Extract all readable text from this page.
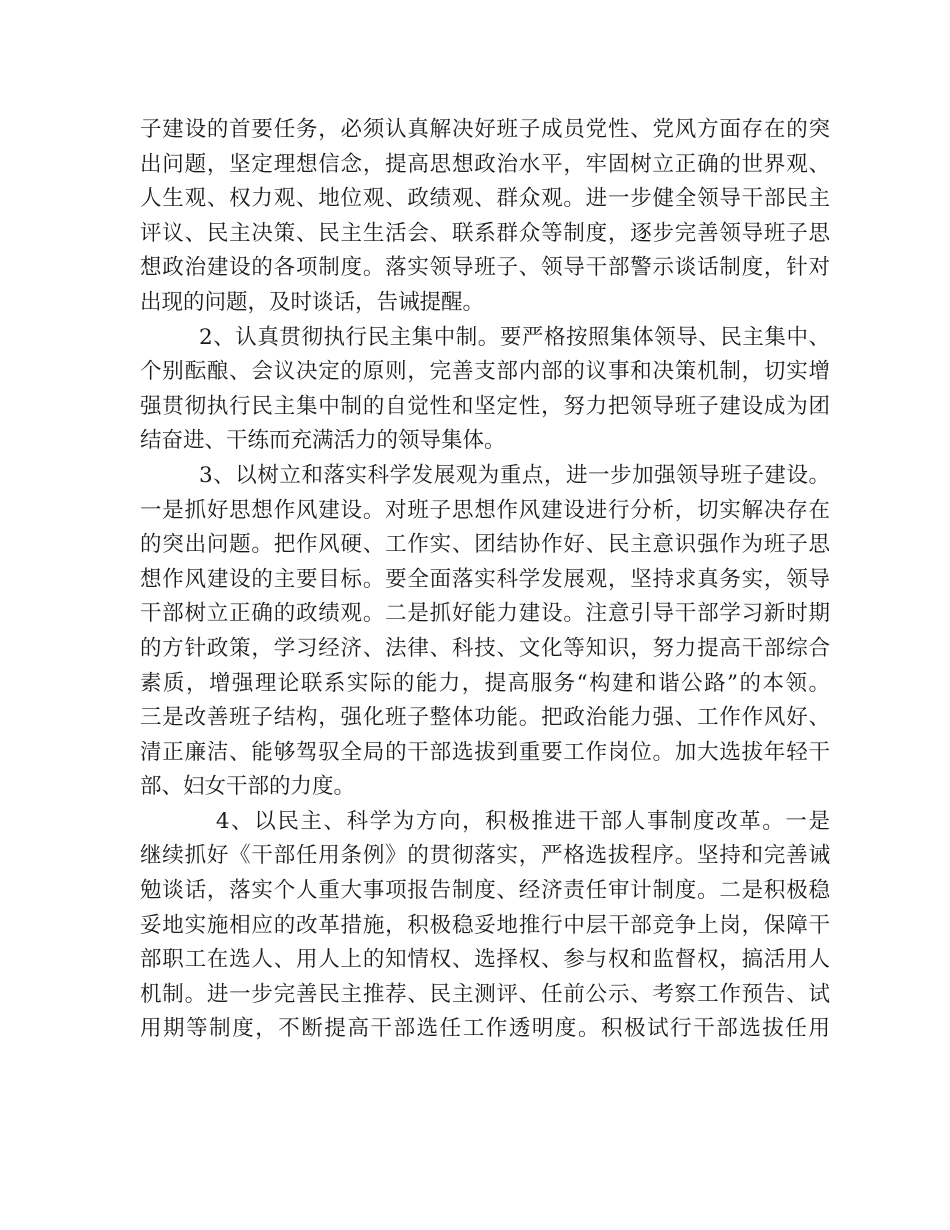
子建设的首要任务，必须认真解决好班子成员党性、党风方面存在的突
出问题，坚定理想信念，提高思想政治水平，牢固树立正确的世界观、
人生观、权力观、地位观、政绩观、群众观。进一步健全领导干部民主
评议、民主决策、民主生活会、联系群众等制度，逐步完善领导班子思
想政治建设的各项制度。落实领导班子、领导干部警示谈话制度，针对
出现的问题，及时谈话，告诫提醒。
2、认真贯彻执行民主集中制。要严格按照集体领导、民主集中、
个别酝酿、会议决定的原则，完善支部内部的议事和决策机制，切实增
强贯彻执行民主集中制的自觉性和坚定性，努力把领导班子建设成为团
结奋进、干练而充满活力的领导集体。
3、以树立和落实科学发展观为重点，进一步加强领导班子建设。
一是抓好思想作风建设。对班子思想作风建设进行分析，切实解决存在
的突出问题。把作风硬、工作实、团结协作好、民主意识强作为班子思
想作风建设的主要目标。要全面落实科学发展观，坚持求真务实，领导
干部树立正确的政绩观。二是抓好能力建设。注意引导干部学习新时期
的方针政策，学习经济、法律、科技、文化等知识，努力提高干部综合
素质，增强理论联系实际的能力，提高服务“构建和谐公路”的本领。
三是改善班子结构，强化班子整体功能。把政治能力强、工作作风好、
清正廉洁、能够驾驭全局的干部选拔到重要工作岗位。加大选拔年轻干
部、妇女干部的力度。
4、以民主、科学为方向，积极推进干部人事制度改革。一是
继续抓好《干部任用条例》的贯彻落实，严格选拔程序。坚持和完善诫
勉谈话，落实个人重大事项报告制度、经济责任审计制度。二是积极稳
妥地实施相应的改革措施，积极稳妥地推行中层干部竞争上岗，保障干
部职工在选人、用人上的知情权、选择权、参与权和监督权，搞活用人
机制。进一步完善民主推荐、民主测评、任前公示、考察工作预告、试
用期等制度，不断提高干部选任工作透明度。积极试行干部选拔任用
